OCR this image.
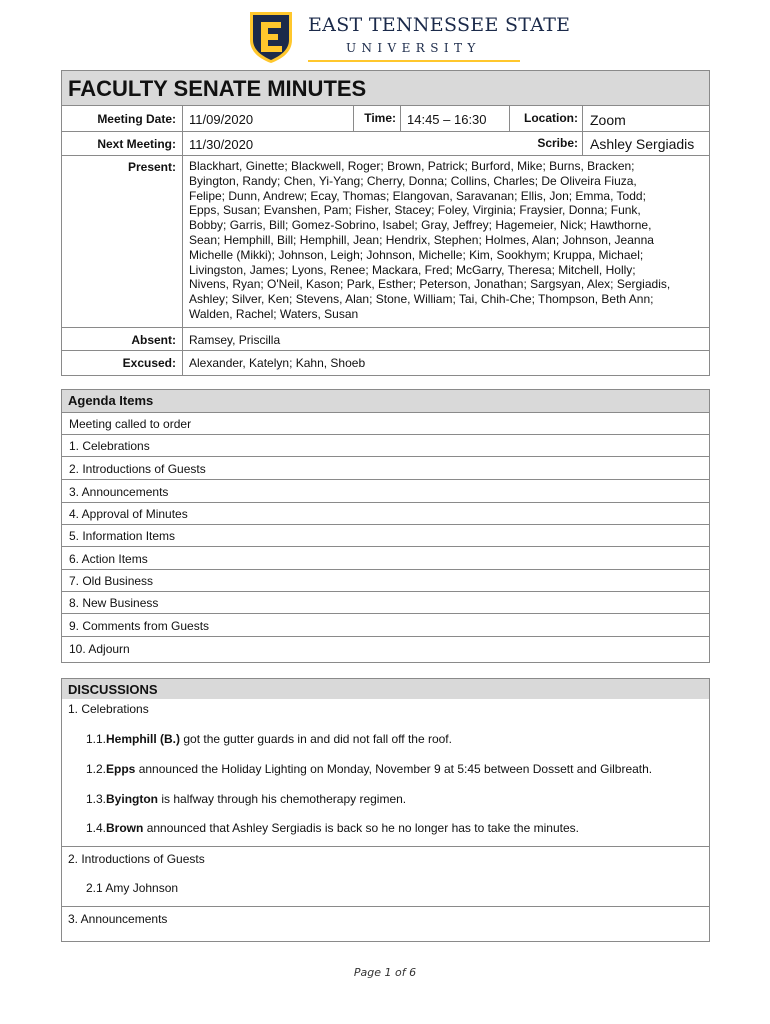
EAST TENNESSEE STATE
UNIVERSITY
FACULTY SENATE MINUTES
Meeting Date: 11/09/2020	Time: 14:45 – 16:30	Location: Zoom
Next Meeting: 11/30/2020	Scribe: Ashley Sergiadis
Present: Blackhart, Ginette; Blackwell, Roger; Brown, Patrick; Burford, Mike; Burns, Bracken;
Byington, Randy; Chen, Yi-Yang; Cherry, Donna; Collins, Charles; De Oliveira Fiuza,
Felipe; Dunn, Andrew; Ecay, Thomas; Elangovan, Saravanan; Ellis, Jon; Emma, Todd;
Epps, Susan; Evanshen, Pam; Fisher, Stacey; Foley, Virginia; Fraysier, Donna; Funk,
Bobby; Garris, Bill; Gomez-Sobrino, Isabel; Gray, Jeffrey; Hagemeier, Nick; Hawthorne,
Sean; Hemphill, Bill; Hemphill, Jean; Hendrix, Stephen; Holmes, Alan; Johnson, Jeanna
Michelle (Mikki); Johnson, Leigh; Johnson, Michelle; Kim, Sookhym; Kruppa, Michael;
Livingston, James; Lyons, Renee; Mackara, Fred; McGarry, Theresa; Mitchell, Holly;
Nivens, Ryan; O'Neil, Kason; Park, Esther; Peterson, Jonathan; Sargsyan, Alex; Sergiadis,
Ashley; Silver, Ken; Stevens, Alan; Stone, William; Tai, Chih-Che; Thompson, Beth Ann;
Walden, Rachel; Waters, Susan
Absent: Ramsey, Priscilla
Excused: Alexander, Katelyn; Kahn, Shoeb
Agenda Items
Meeting called to order
1. Celebrations
2. Introductions of Guests
3. Announcements
4. Approval of Minutes
5. Information Items
6. Action Items
7. Old Business
8. New Business
9. Comments from Guests
10. Adjourn
DISCUSSIONS
1. Celebrations
1.1.Hemphill (B.) got the gutter guards in and did not fall off the roof.
1.2.Epps announced the Holiday Lighting on Monday, November 9 at 5:45 between Dossett and Gilbreath.
1.3.Byington is halfway through his chemotherapy regimen.
1.4.Brown announced that Ashley Sergiadis is back so he no longer has to take the minutes.
2. Introductions of Guests
2.1 Amy Johnson
3. Announcements
Page 1 of 6
